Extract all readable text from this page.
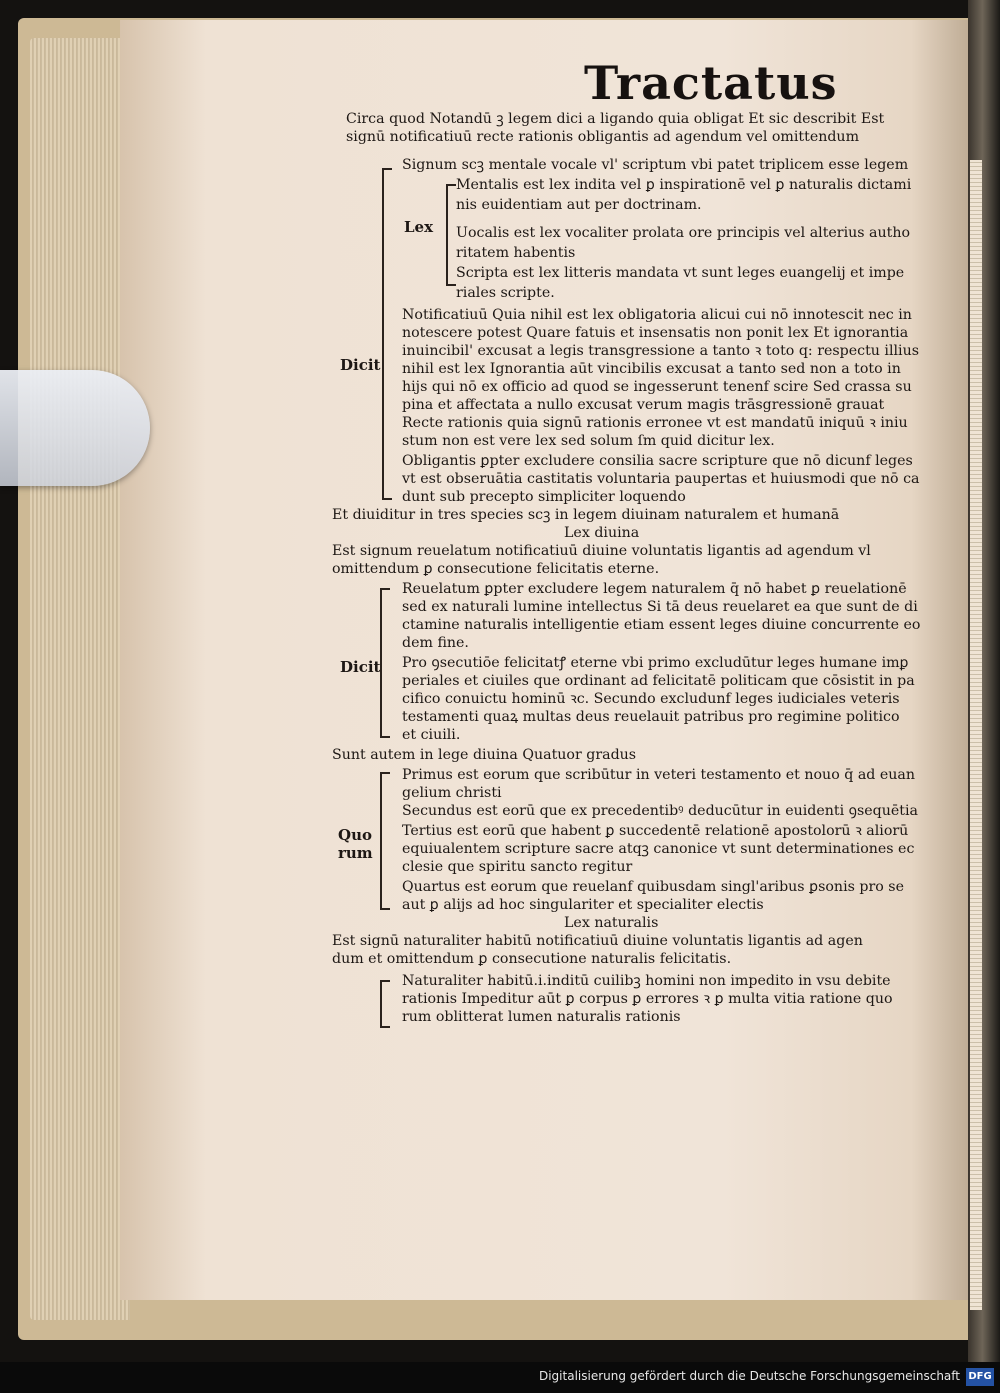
Tractatus
Circa quod Notandū ꝫ legem dici a ligando quia obligat Et sic describit Est
signū notificatiuū recte rationis obligantis ad agendum vel omittendum
Signum scꝫ mentale vocale vl' scriptum vbi patet triplicem esse legem
Mentalis est lex indita vel ꝑ inspirationē vel ꝑ naturalis dictami
nis euidentiam aut per doctrinam.
Uocalis est lex vocaliter prolata ore principis vel alterius autho
ritatem habentis
Scripta est lex litteris mandata vt sunt leges euangelij et impe
riales scripte.
Notificatiuū Quia nihil est lex obligatoria alicui cui nō innotescit nec in
notescere potest Quare fatuis et insensatis non ponit lex Et ignorantia
inuincibil' excusat a legis transgressione a tanto ꝛ toto q: respectu illius
nihil est lex Ignorantia aūt vincibilis excusat a tanto sed non a toto in
hijs qui nō ex officio ad quod se ingesserunt tenenf scire Sed crassa su
pina et affectata a nullo excusat verum magis trāsgressionē grauat
Recte rationis quia signū rationis erronee vt est mandatū iniquū ꝛ iniu
stum non est vere lex sed solum ſm quid dicitur lex.
Obligantis ꝑpter excludere consilia sacre scripture que nō dicunf leges
vt est obseruātia castitatis voluntaria paupertas et huiusmodi que nō ca
dunt sub precepto simpliciter loquendo
Et diuiditur in tres species scꝫ in legem diuinam naturalem et humanā
Lex diuina
Est signum reuelatum notificatiuū diuine voluntatis ligantis ad agendum vl
omittendum ꝑ consecutione felicitatis eterne.
Reuelatum ꝑpter excludere legem naturalem q̄ nō habet ꝑ reuelationē
sed ex naturali lumine intellectus Si tā deus reuelaret ea que sunt de di
ctamine naturalis intelligentie etiam essent leges diuine concurrente eo
dem fine.
Pro ꝯsecutiōe felicitatꝭ eterne vbi primo excludūtur leges humane imꝑ
periales et ciuiles que ordinant ad felicitatē politicam que cōsistit in pa
cifico conuictu hominū ꝛc. Secundo excludunf leges iudiciales veteris
testamenti quaꝝ multas deus reuelauit patribus pro regimine politico
et ciuili.
Sunt autem in lege diuina Quatuor gradus
Primus est eorum que scribūtur in veteri testamento et nouo q̄ ad euan
gelium christi
Secundus est eorū que ex precedentibꝰ deducūtur in euidenti ꝯsequētia
Tertius est eorū que habent ꝑ succedentē relationē apostolorū ꝛ aliorū
equiualentem scripture sacre atqꝫ canonice vt sunt determinationes ec
clesie que spiritu sancto regitur
Quartus est eorum que reuelanf quibusdam singl'aribus ꝑsonis pro se
aut ꝑ alijs ad hoc singulariter et specialiter electis
Lex naturalis
Est signū naturaliter habitū notificatiuū diuine voluntatis ligantis ad agen
dum et omittendum ꝑ consecutione naturalis felicitatis.
Naturaliter habitū.i.inditū cuilibꝫ homini non impedito in vsu debite
rationis Impeditur aūt ꝑ corpus ꝑ errores ꝛ ꝑ multa vitia ratione quo
rum oblitterat lumen naturalis rationis
Lex
Dicit
Dicit
Quo
rum
Digitalisierung gefördert durch die Deutsche Forschungsgemeinschaft DFG
